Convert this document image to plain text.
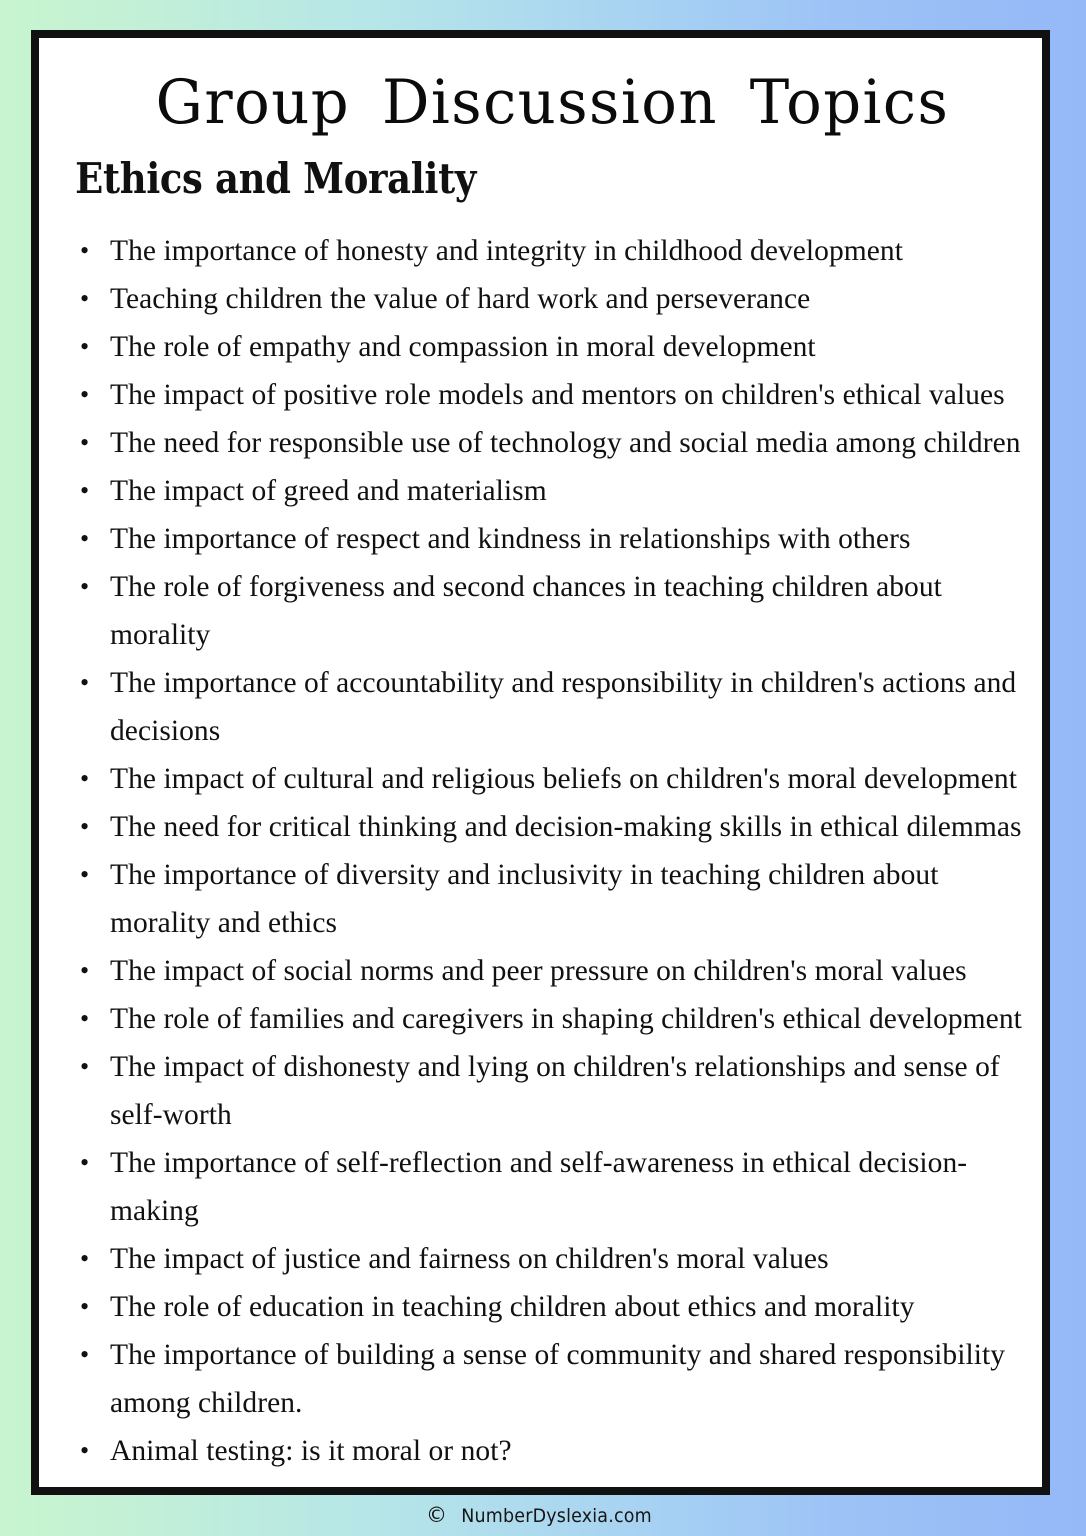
Group Discussion Topics
Ethics and Morality
• The importance of honesty and integrity in childhood development
• Teaching children the value of hard work and perseverance
• The role of empathy and compassion in moral development
• The impact of positive role models and mentors on children's ethical values
• The need for responsible use of technology and social media among children
• The impact of greed and materialism
• The importance of respect and kindness in relationships with others
• The role of forgiveness and second chances in teaching children about morality
• The importance of accountability and responsibility in children's actions and decisions
• The impact of cultural and religious beliefs on children's moral development
• The need for critical thinking and decision-making skills in ethical dilemmas
• The importance of diversity and inclusivity in teaching children about morality and ethics
• The impact of social norms and peer pressure on children's moral values
• The role of families and caregivers in shaping children's ethical development
• The impact of dishonesty and lying on children's relationships and sense of self-worth
• The importance of self-reflection and self-awareness in ethical decision-making
• The impact of justice and fairness on children's moral values
• The role of education in teaching children about ethics and morality
• The importance of building a sense of community and shared responsibility among children.
• Animal testing: is it moral or not?
© NumberDyslexia.com
